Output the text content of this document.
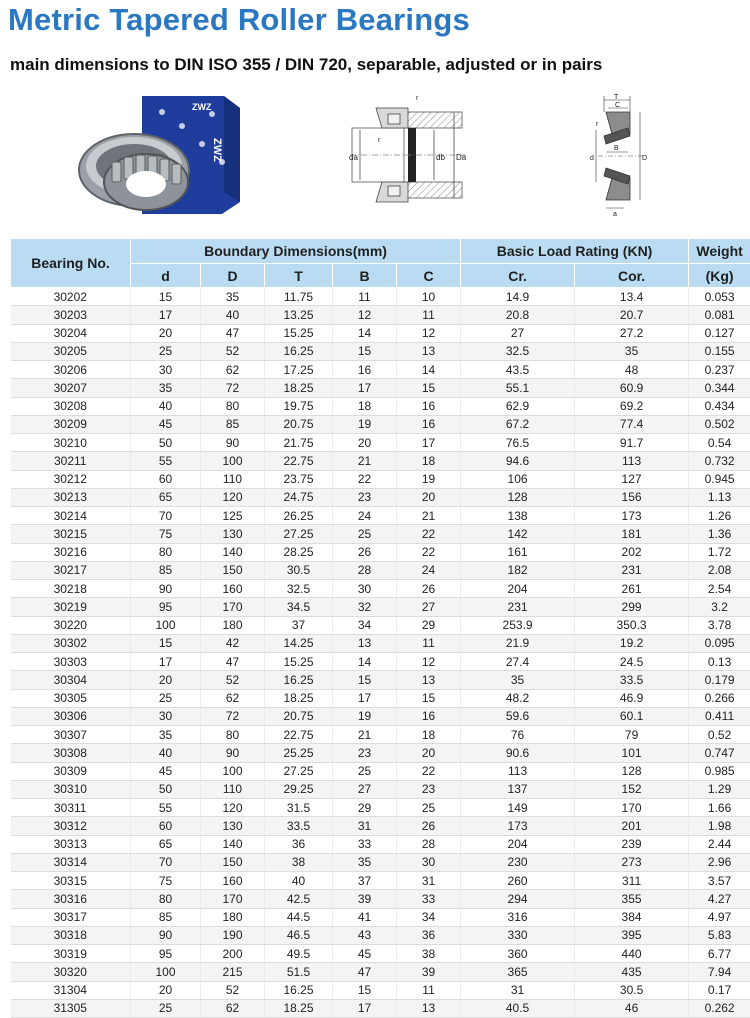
Metric Tapered Roller Bearings
main dimensions to DIN ISO 355 / DIN 720, separable, adjusted or in pairs
ZWZ
ZWZ
da	db Da
r
r
T
C
B
d	D
r
a
Bearing No.	Boundary Dimensions(mm)					Basic Load Rating (KN)		Weight
	d	D	T	B	C	Cr.	Cor.	(Kg)
30202	15	35	11.75	11	10	14.9	13.4	0.053
30203	17	40	13.25	12	11	20.8	20.7	0.081
30204	20	47	15.25	14	12	27	27.2	0.127
30205	25	52	16.25	15	13	32.5	35	0.155
30206	30	62	17.25	16	14	43.5	48	0.237
30207	35	72	18.25	17	15	55.1	60.9	0.344
30208	40	80	19.75	18	16	62.9	69.2	0.434
30209	45	85	20.75	19	16	67.2	77.4	0.502
30210	50	90	21.75	20	17	76.5	91.7	0.54
30211	55	100	22.75	21	18	94.6	113	0.732
30212	60	110	23.75	22	19	106	127	0.945
30213	65	120	24.75	23	20	128	156	1.13
30214	70	125	26.25	24	21	138	173	1.26
30215	75	130	27.25	25	22	142	181	1.36
30216	80	140	28.25	26	22	161	202	1.72
30217	85	150	30.5	28	24	182	231	2.08
30218	90	160	32.5	30	26	204	261	2.54
30219	95	170	34.5	32	27	231	299	3.2
30220	100	180	37	34	29	253.9	350.3	3.78
30302	15	42	14.25	13	11	21.9	19.2	0.095
30303	17	47	15.25	14	12	27.4	24.5	0.13
30304	20	52	16.25	15	13	35	33.5	0.179
30305	25	62	18.25	17	15	48.2	46.9	0.266
30306	30	72	20.75	19	16	59.6	60.1	0.411
30307	35	80	22.75	21	18	76	79	0.52
30308	40	90	25.25	23	20	90.6	101	0.747
30309	45	100	27.25	25	22	113	128	0.985
30310	50	110	29.25	27	23	137	152	1.29
30311	55	120	31.5	29	25	149	170	1.66
30312	60	130	33.5	31	26	173	201	1.98
30313	65	140	36	33	28	204	239	2.44
30314	70	150	38	35	30	230	273	2.96
30315	75	160	40	37	31	260	311	3.57
30316	80	170	42.5	39	33	294	355	4.27
30317	85	180	44.5	41	34	316	384	4.97
30318	90	190	46.5	43	36	330	395	5.83
30319	95	200	49.5	45	38	360	440	6.77
30320	100	215	51.5	47	39	365	435	7.94
31304	20	52	16.25	15	11	31	30.5	0.17
31305	25	62	18.25	17	13	40.5	46	0.262
